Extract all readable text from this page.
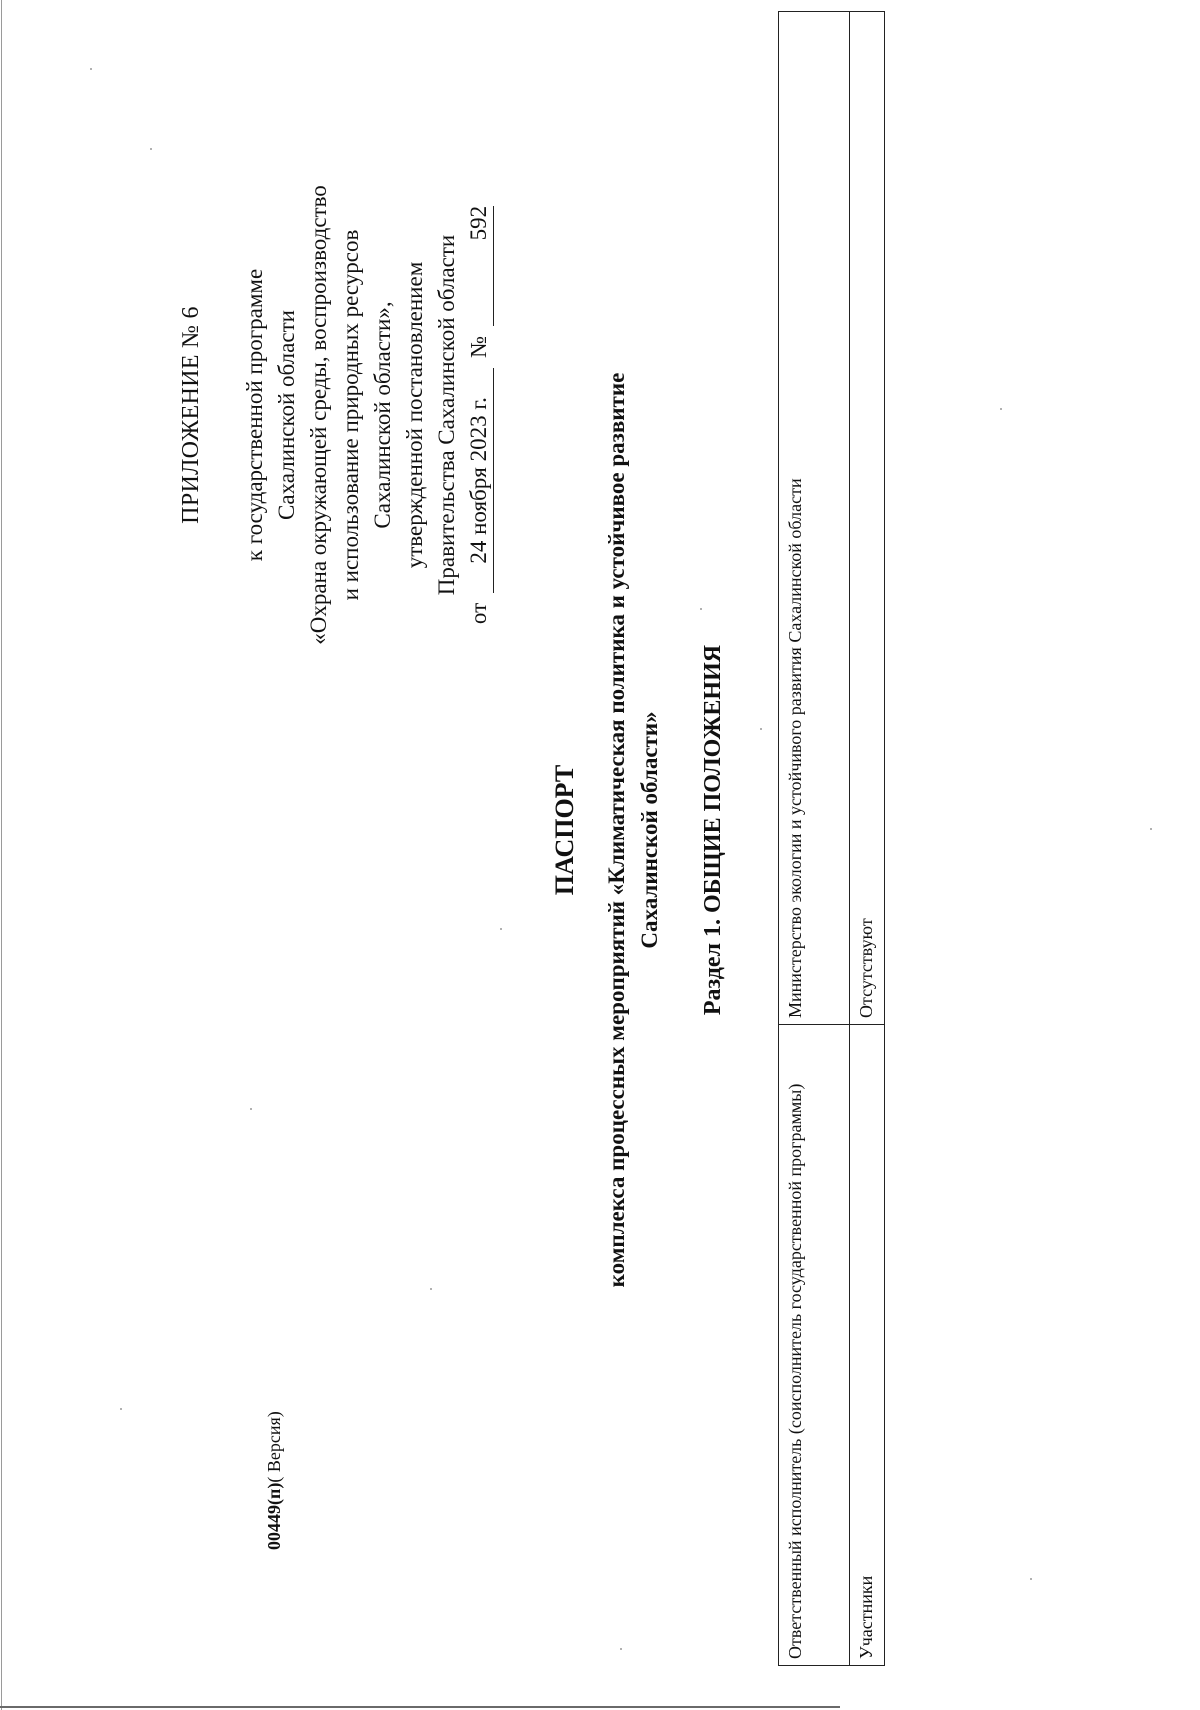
ПРИЛОЖЕНИЕ № 6 к государственной программе Сахалинской области «Охрана окружающей среды, воспроизводство и использование природных ресурсов Сахалинской области», утвержденной постановлением Правительства Сахалинской области
от
24 ноября 2023 г.
№
592
ПАСПОРТ комплекса процессных мероприятий «Климатическая политика и устойчивое развитие Сахалинской области» Раздел 1. ОБЩИЕ ПОЛОЖЕНИЯ
Ответственный исполнитель (соисполнитель государственной программы)	Министерство экологии и устойчивого развития Сахалинской области
Участники	Отсутствуют
00449(п)( Версия)
